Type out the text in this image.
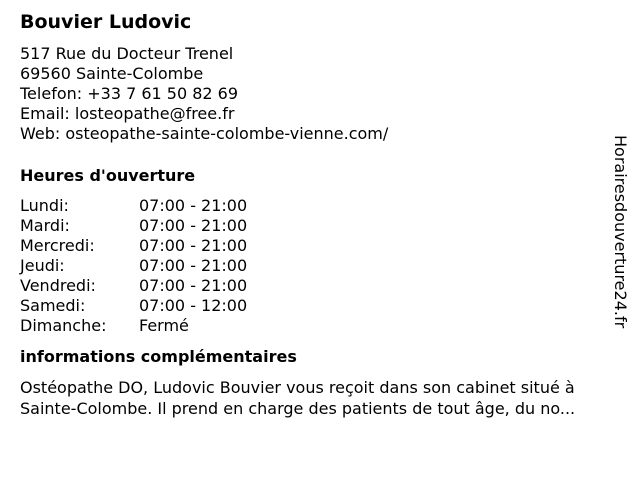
Bouvier Ludovic
517 Rue du Docteur Trenel
69560 Sainte-Colombe
Telefon: +33 7 61 50 82 69
Email: losteopathe@free.fr
Web: osteopathe-sainte-colombe-vienne.com/
Heures d'ouverture
Lundi:	07:00 - 21:00
Mardi:	07:00 - 21:00
Mercredi:	07:00 - 21:00
Jeudi:	07:00 - 21:00
Vendredi:	07:00 - 21:00
Samedi:	07:00 - 12:00
Dimanche:	Fermé
informations complémentaires
Ostéopathe DO, Ludovic Bouvier vous reçoit dans son cabinet situé à Sainte-Colombe. Il prend en charge des patients de tout âge, du no...
Horairesdouverture24.fr
